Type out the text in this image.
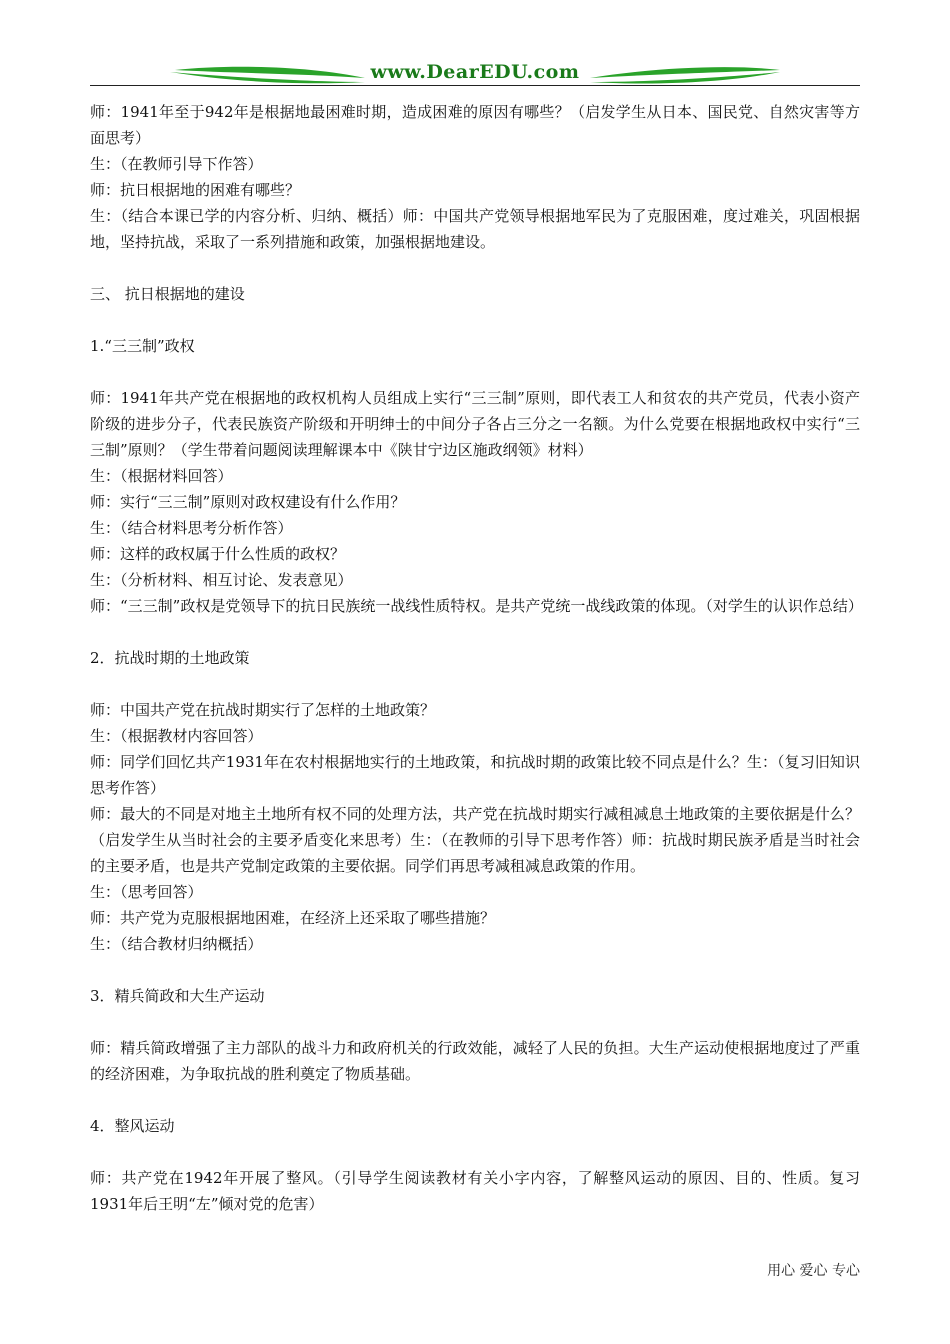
www.DearEDU.com

师：1941年至于942年是根据地最困难时期，造成困难的原因有哪些？（启发学生从日本、国民党、自然灾害等方面思考）

生：（在教师引导下作答）

师：抗日根据地的困难有哪些？

生：（结合本课已学的内容分析、归纳、概括）师：中国共产党领导根据地军民为了克服困难，度过难关，巩固根据地，坚持抗战，采取了一系列措施和政策，加强根据地建设。

三、 抗日根据地的建设

1.“三三制”政权

师：1941年共产党在根据地的政权机构人员组成上实行“三三制”原则，即代表工人和贫农的共产党员，代表小资产阶级的进步分子，代表民族资产阶级和开明绅士的中间分子各占三分之一名额。为什么党要在根据地政权中实行“三三制”原则？（学生带着问题阅读理解课本中《陕甘宁边区施政纲领》材料）

生：（根据材料回答）

师：实行“三三制”原则对政权建设有什么作用？

生：（结合材料思考分析作答）

师：这样的政权属于什么性质的政权？

生：（分析材料、相互讨论、发表意见）

师：“三三制”政权是党领导下的抗日民族统一战线性质特权。是共产党统一战线政策的体现。（对学生的认识作总结）

2．抗战时期的土地政策

师：中国共产党在抗战时期实行了怎样的土地政策？

生：（根据教材内容回答）

师：同学们回忆共产1931年在农村根据地实行的土地政策，和抗战时期的政策比较不同点是什么？生：（复习旧知识思考作答）

师：最大的不同是对地主土地所有权不同的处理方法，共产党在抗战时期实行减租减息土地政策的主要依据是什么？（启发学生从当时社会的主要矛盾变化来思考）生：（在教师的引导下思考作答）师：抗战时期民族矛盾是当时社会的主要矛盾，也是共产党制定政策的主要依据。同学们再思考减租减息政策的作用。

生：（思考回答）

师：共产党为克服根据地困难，在经济上还采取了哪些措施？

生：（结合教材归纳概括）

3．精兵简政和大生产运动

师：精兵简政增强了主力部队的战斗力和政府机关的行政效能，减轻了人民的负担。大生产运动使根据地度过了严重的经济困难，为争取抗战的胜利奠定了物质基础。

4．整风运动

师：共产党在1942年开展了整风。（引导学生阅读教材有关小字内容，了解整风运动的原因、目的、性质。复习1931年后王明“左”倾对党的危害）

用心 爱心 专心
